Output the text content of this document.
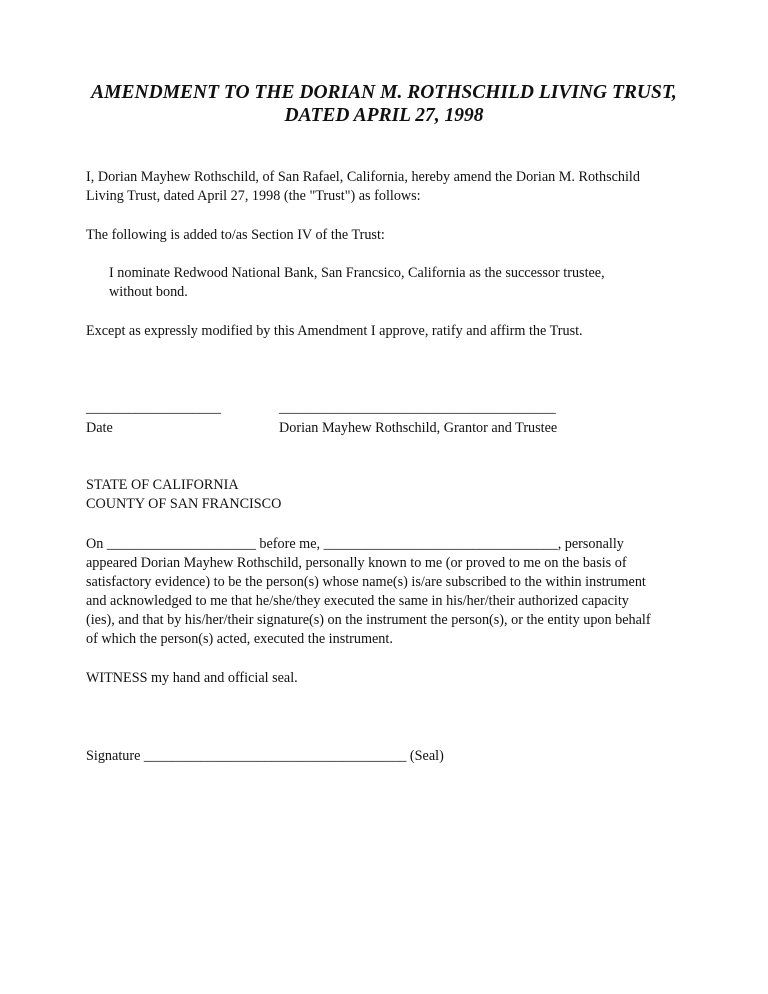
AMENDMENT TO THE DORIAN M. ROTHSCHILD LIVING TRUST,
DATED APRIL 27, 1998
I, Dorian Mayhew Rothschild, of San Rafael, California, hereby amend the Dorian M. Rothschild
Living Trust, dated April 27, 1998 (the "Trust") as follows:
The following is added to/as Section IV of the Trust:
I nominate Redwood National Bank, San Francsico, California as the successor trustee,
without bond.
Except as expressly modified by this Amendment I approve, ratify and affirm the Trust.
___________________
Date
_______________________________________
Dorian Mayhew Rothschild, Grantor and Trustee
STATE OF CALIFORNIA
COUNTY OF SAN FRANCISCO
On _____________________ before me, _________________________________, personally
appeared Dorian Mayhew Rothschild, personally known to me (or proved to me on the basis of
satisfactory evidence) to be the person(s) whose name(s) is/are subscribed to the within instrument
and acknowledged to me that he/she/they executed the same in his/her/their authorized capacity
(ies), and that by his/her/their signature(s) on the instrument the person(s), or the entity upon behalf
of which the person(s) acted, executed the instrument.
WITNESS my hand and official seal.
Signature _____________________________________ (Seal)
